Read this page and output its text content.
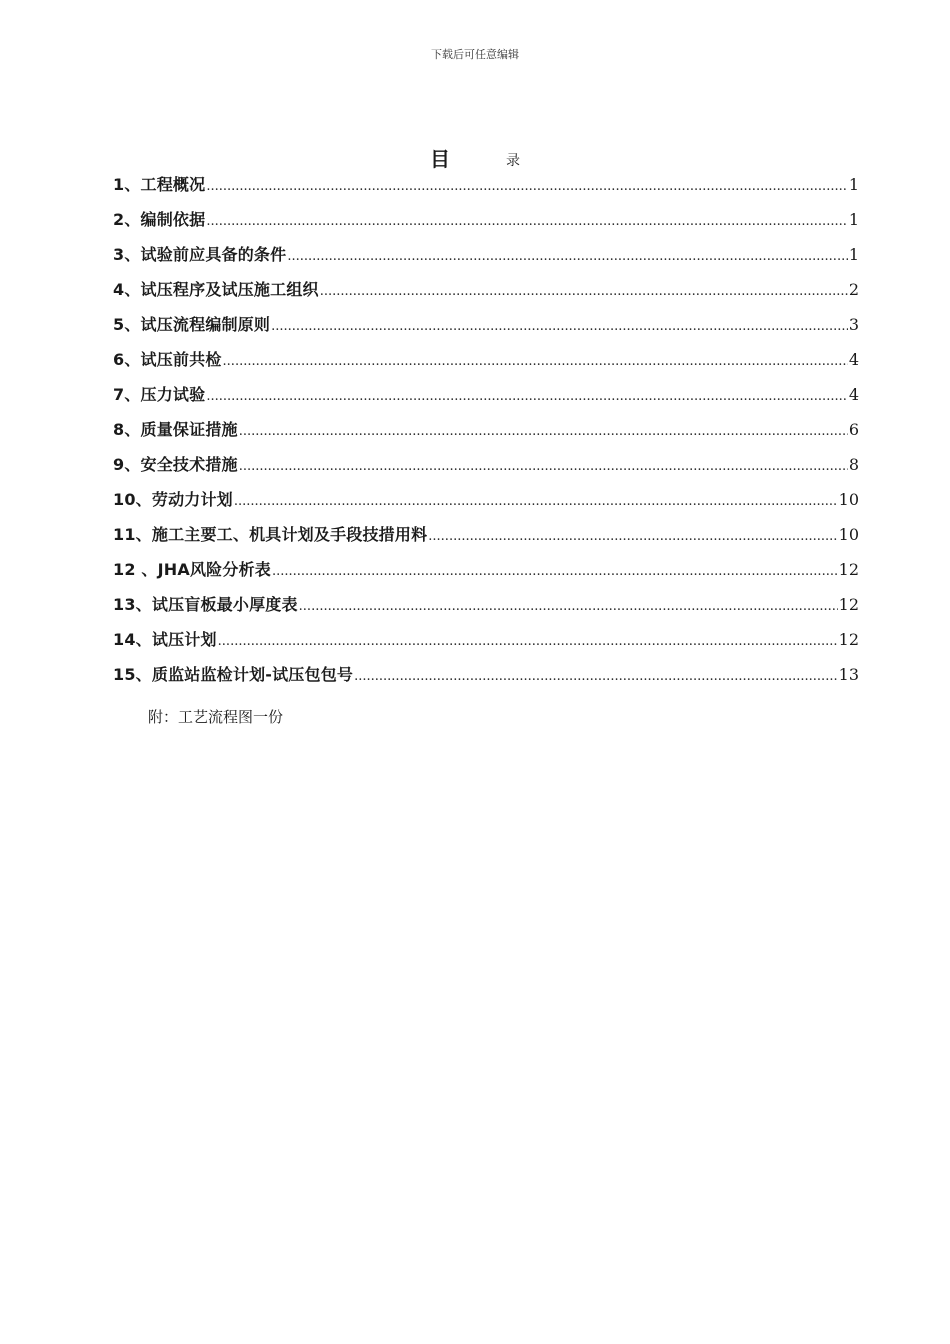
下载后可任意编辑
目	录
1、工程概况 .....	1
2、编制依据 .....	1
3、试验前应具备的条件 .....	1
4、试压程序及试压施工组织 .....	2
5、试压流程编制原则 .....	3
6、试压前共检 .....	4
7、压力试验 .....	4
8、质量保证措施 .....	6
9、安全技术措施 .....	8
10、劳动力计划 .....	10
11、施工主要工、机具计划及手段技措用料 .....	10
12 、JHA风险分析表 .....	12
13、试压盲板最小厚度表 .....	12
14、试压计划 .....	12
15、质监站监检计划-试压包包号 .....	13
附：工艺流程图一份
